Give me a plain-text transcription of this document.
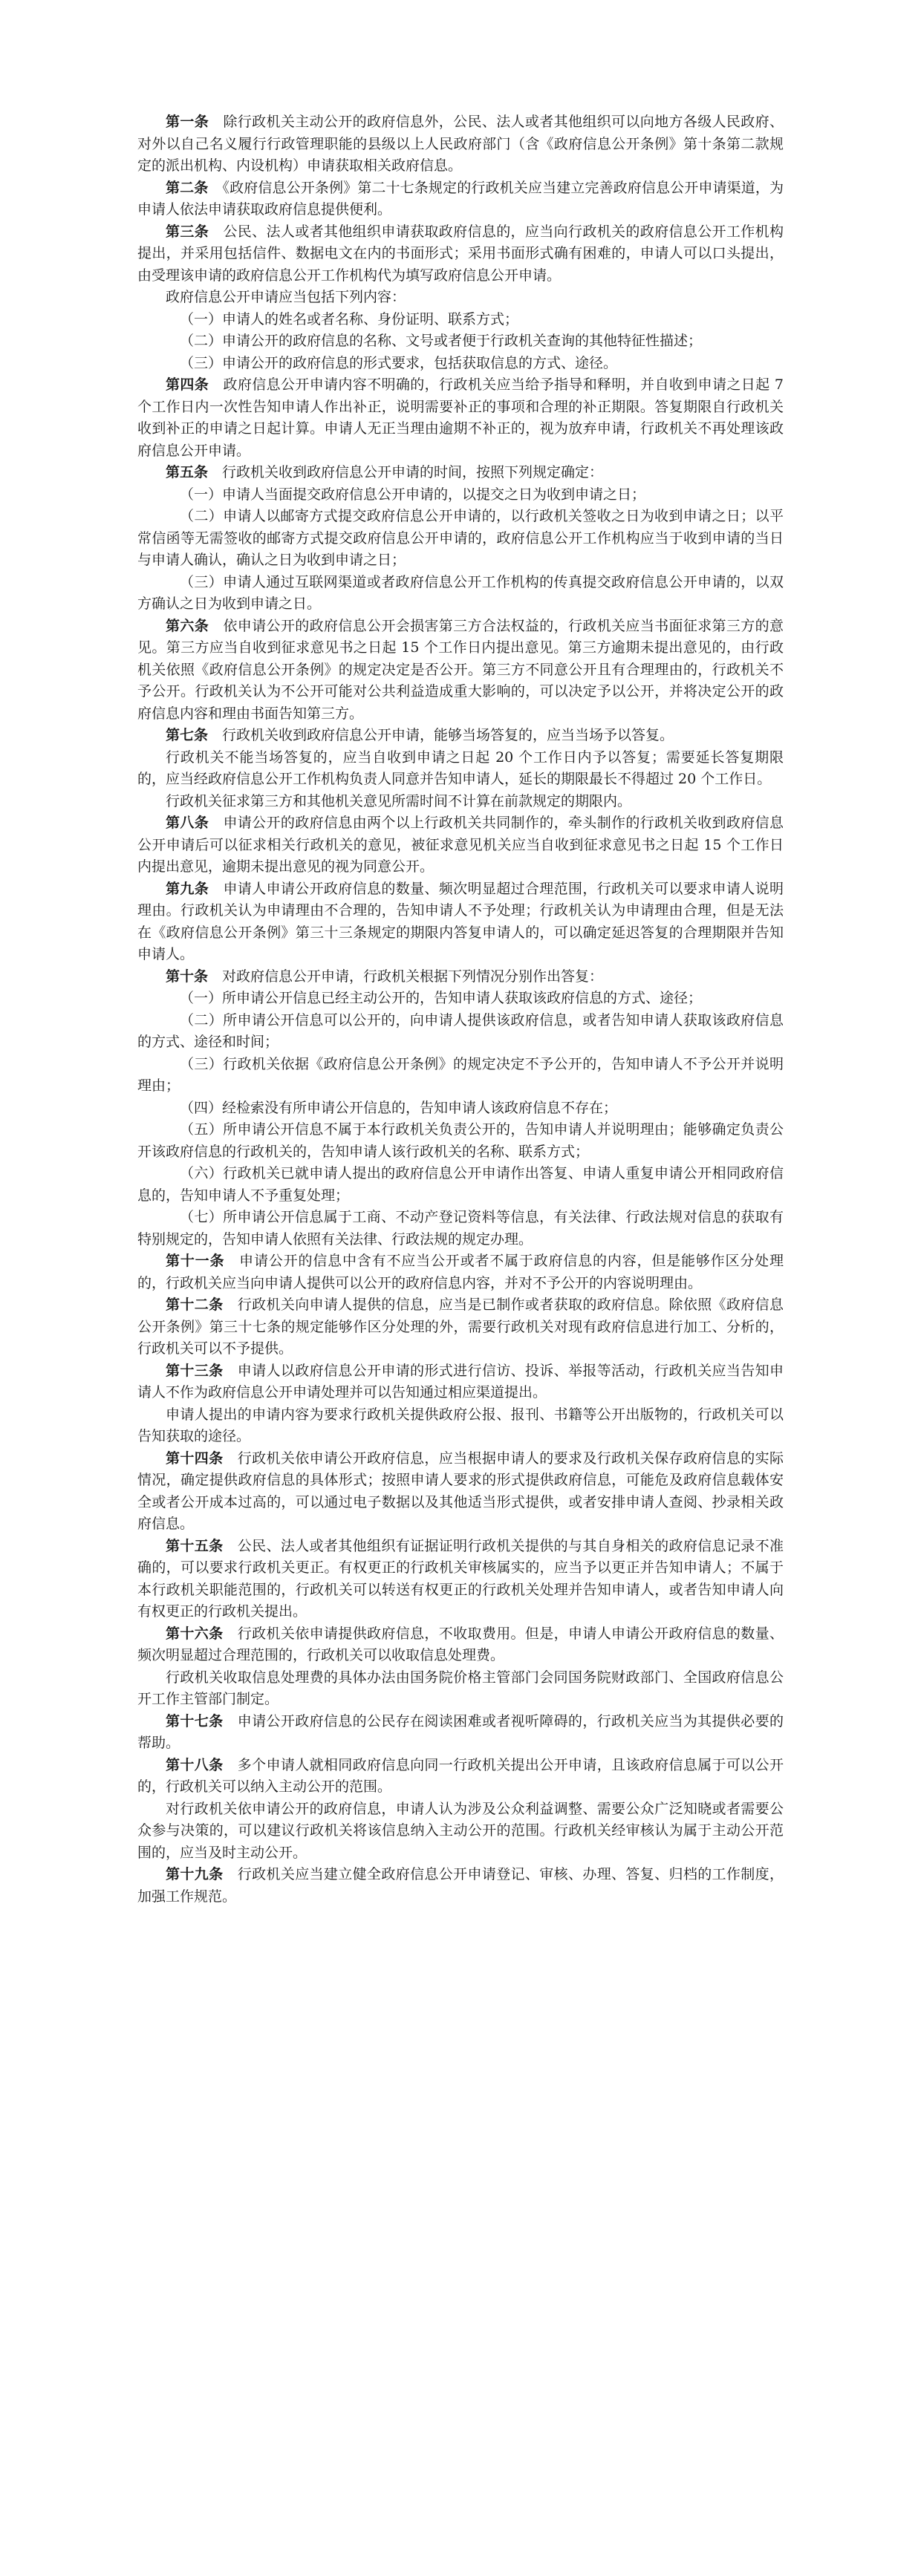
第一条　 除行政机关主动公开的政府信息外，公民、法人或者其他组织可以向地方各级人民政府、对外以自己名义履行行政管理职能的县级以上人民政府部门（含《政府信息公开条例》第十条第二款规定的派出机构、内设机构）申请获取相关政府信息。

第二条　 《政府信息公开条例》第二十七条规定的行政机关应当建立完善政府信息公开申请渠道，为申请人依法申请获取政府信息提供便利。

第三条　 公民、法人或者其他组织申请获取政府信息的，应当向行政机关的政府信息公开工作机构提出，并采用包括信件、数据电文在内的书面形式；采用书面形式确有困难的，申请人可以口头提出，由受理该申请的政府信息公开工作机构代为填写政府信息公开申请。

政府信息公开申请应当包括下列内容：

（一）申请人的姓名或者名称、身份证明、联系方式；

（二）申请公开的政府信息的名称、文号或者便于行政机关查询的其他特征性描述；

（三）申请公开的政府信息的形式要求，包括获取信息的方式、途径。

第四条　 政府信息公开申请内容不明确的，行政机关应当给予指导和释明，并自收到申请之日起 7 个工作日内一次性告知申请人作出补正，说明需要补正的事项和合理的补正期限。答复期限自行政机关收到补正的申请之日起计算。申请人无正当理由逾期不补正的，视为放弃申请，行政机关不再处理该政府信息公开申请。

第五条　 行政机关收到政府信息公开申请的时间，按照下列规定确定：

（一）申请人当面提交政府信息公开申请的，以提交之日为收到申请之日；

（二）申请人以邮寄方式提交政府信息公开申请的，以行政机关签收之日为收到申请之日；以平常信函等无需签收的邮寄方式提交政府信息公开申请的，政府信息公开工作机构应当于收到申请的当日与申请人确认，确认之日为收到申请之日；

（三）申请人通过互联网渠道或者政府信息公开工作机构的传真提交政府信息公开申请的，以双方确认之日为收到申请之日。

第六条　 依申请公开的政府信息公开会损害第三方合法权益的，行政机关应当书面征求第三方的意见。第三方应当自收到征求意见书之日起 15 个工作日内提出意见。第三方逾期未提出意见的，由行政机关依照《政府信息公开条例》的规定决定是否公开。第三方不同意公开且有合理理由的，行政机关不予公开。行政机关认为不公开可能对公共利益造成重大影响的，可以决定予以公开，并将决定公开的政府信息内容和理由书面告知第三方。

第七条　 行政机关收到政府信息公开申请，能够当场答复的，应当当场予以答复。

行政机关不能当场答复的，应当自收到申请之日起 20 个工作日内予以答复；需要延长答复期限的，应当经政府信息公开工作机构负责人同意并告知申请人，延长的期限最长不得超过 20 个工作日。

行政机关征求第三方和其他机关意见所需时间不计算在前款规定的期限内。

第八条　 申请公开的政府信息由两个以上行政机关共同制作的，牵头制作的行政机关收到政府信息公开申请后可以征求相关行政机关的意见，被征求意见机关应当自收到征求意见书之日起 15 个工作日内提出意见，逾期未提出意见的视为同意公开。

第九条　 申请人申请公开政府信息的数量、频次明显超过合理范围，行政机关可以要求申请人说明理由。行政机关认为申请理由不合理的，告知申请人不予处理；行政机关认为申请理由合理，但是无法在《政府信息公开条例》第三十三条规定的期限内答复申请人的，可以确定延迟答复的合理期限并告知申请人。

第十条　 对政府信息公开申请，行政机关根据下列情况分别作出答复：

（一）所申请公开信息已经主动公开的，告知申请人获取该政府信息的方式、途径；

（二）所申请公开信息可以公开的，向申请人提供该政府信息，或者告知申请人获取该政府信息的方式、途径和时间；

（三）行政机关依据《政府信息公开条例》的规定决定不予公开的，告知申请人不予公开并说明理由；

（四）经检索没有所申请公开信息的，告知申请人该政府信息不存在；

（五）所申请公开信息不属于本行政机关负责公开的，告知申请人并说明理由；能够确定负责公开该政府信息的行政机关的，告知申请人该行政机关的名称、联系方式；

（六）行政机关已就申请人提出的政府信息公开申请作出答复、申请人重复申请公开相同政府信息的，告知申请人不予重复处理；

（七）所申请公开信息属于工商、不动产登记资料等信息，有关法律、行政法规对信息的获取有特别规定的，告知申请人依照有关法律、行政法规的规定办理。

第十一条　 申请公开的信息中含有不应当公开或者不属于政府信息的内容，但是能够作区分处理的，行政机关应当向申请人提供可以公开的政府信息内容，并对不予公开的内容说明理由。

第十二条　 行政机关向申请人提供的信息，应当是已制作或者获取的政府信息。除依照《政府信息公开条例》第三十七条的规定能够作区分处理的外，需要行政机关对现有政府信息进行加工、分析的，行政机关可以不予提供。

第十三条　 申请人以政府信息公开申请的形式进行信访、投诉、举报等活动，行政机关应当告知申请人不作为政府信息公开申请处理并可以告知通过相应渠道提出。

申请人提出的申请内容为要求行政机关提供政府公报、报刊、书籍等公开出版物的，行政机关可以告知获取的途径。

第十四条　 行政机关依申请公开政府信息，应当根据申请人的要求及行政机关保存政府信息的实际情况，确定提供政府信息的具体形式；按照申请人要求的形式提供政府信息，可能危及政府信息载体安全或者公开成本过高的，可以通过电子数据以及其他适当形式提供，或者安排申请人查阅、抄录相关政府信息。

第十五条　 公民、法人或者其他组织有证据证明行政机关提供的与其自身相关的政府信息记录不准确的，可以要求行政机关更正。有权更正的行政机关审核属实的，应当予以更正并告知申请人；不属于本行政机关职能范围的，行政机关可以转送有权更正的行政机关处理并告知申请人，或者告知申请人向有权更正的行政机关提出。

第十六条　 行政机关依申请提供政府信息，不收取费用。但是，申请人申请公开政府信息的数量、频次明显超过合理范围的，行政机关可以收取信息处理费。

行政机关收取信息处理费的具体办法由国务院价格主管部门会同国务院财政部门、全国政府信息公开工作主管部门制定。

第十七条　 申请公开政府信息的公民存在阅读困难或者视听障碍的，行政机关应当为其提供必要的帮助。

第十八条　 多个申请人就相同政府信息向同一行政机关提出公开申请，且该政府信息属于可以公开的，行政机关可以纳入主动公开的范围。

对行政机关依申请公开的政府信息，申请人认为涉及公众利益调整、需要公众广泛知晓或者需要公众参与决策的，可以建议行政机关将该信息纳入主动公开的范围。行政机关经审核认为属于主动公开范围的，应当及时主动公开。

第十九条　 行政机关应当建立健全政府信息公开申请登记、审核、办理、答复、归档的工作制度，加强工作规范。
